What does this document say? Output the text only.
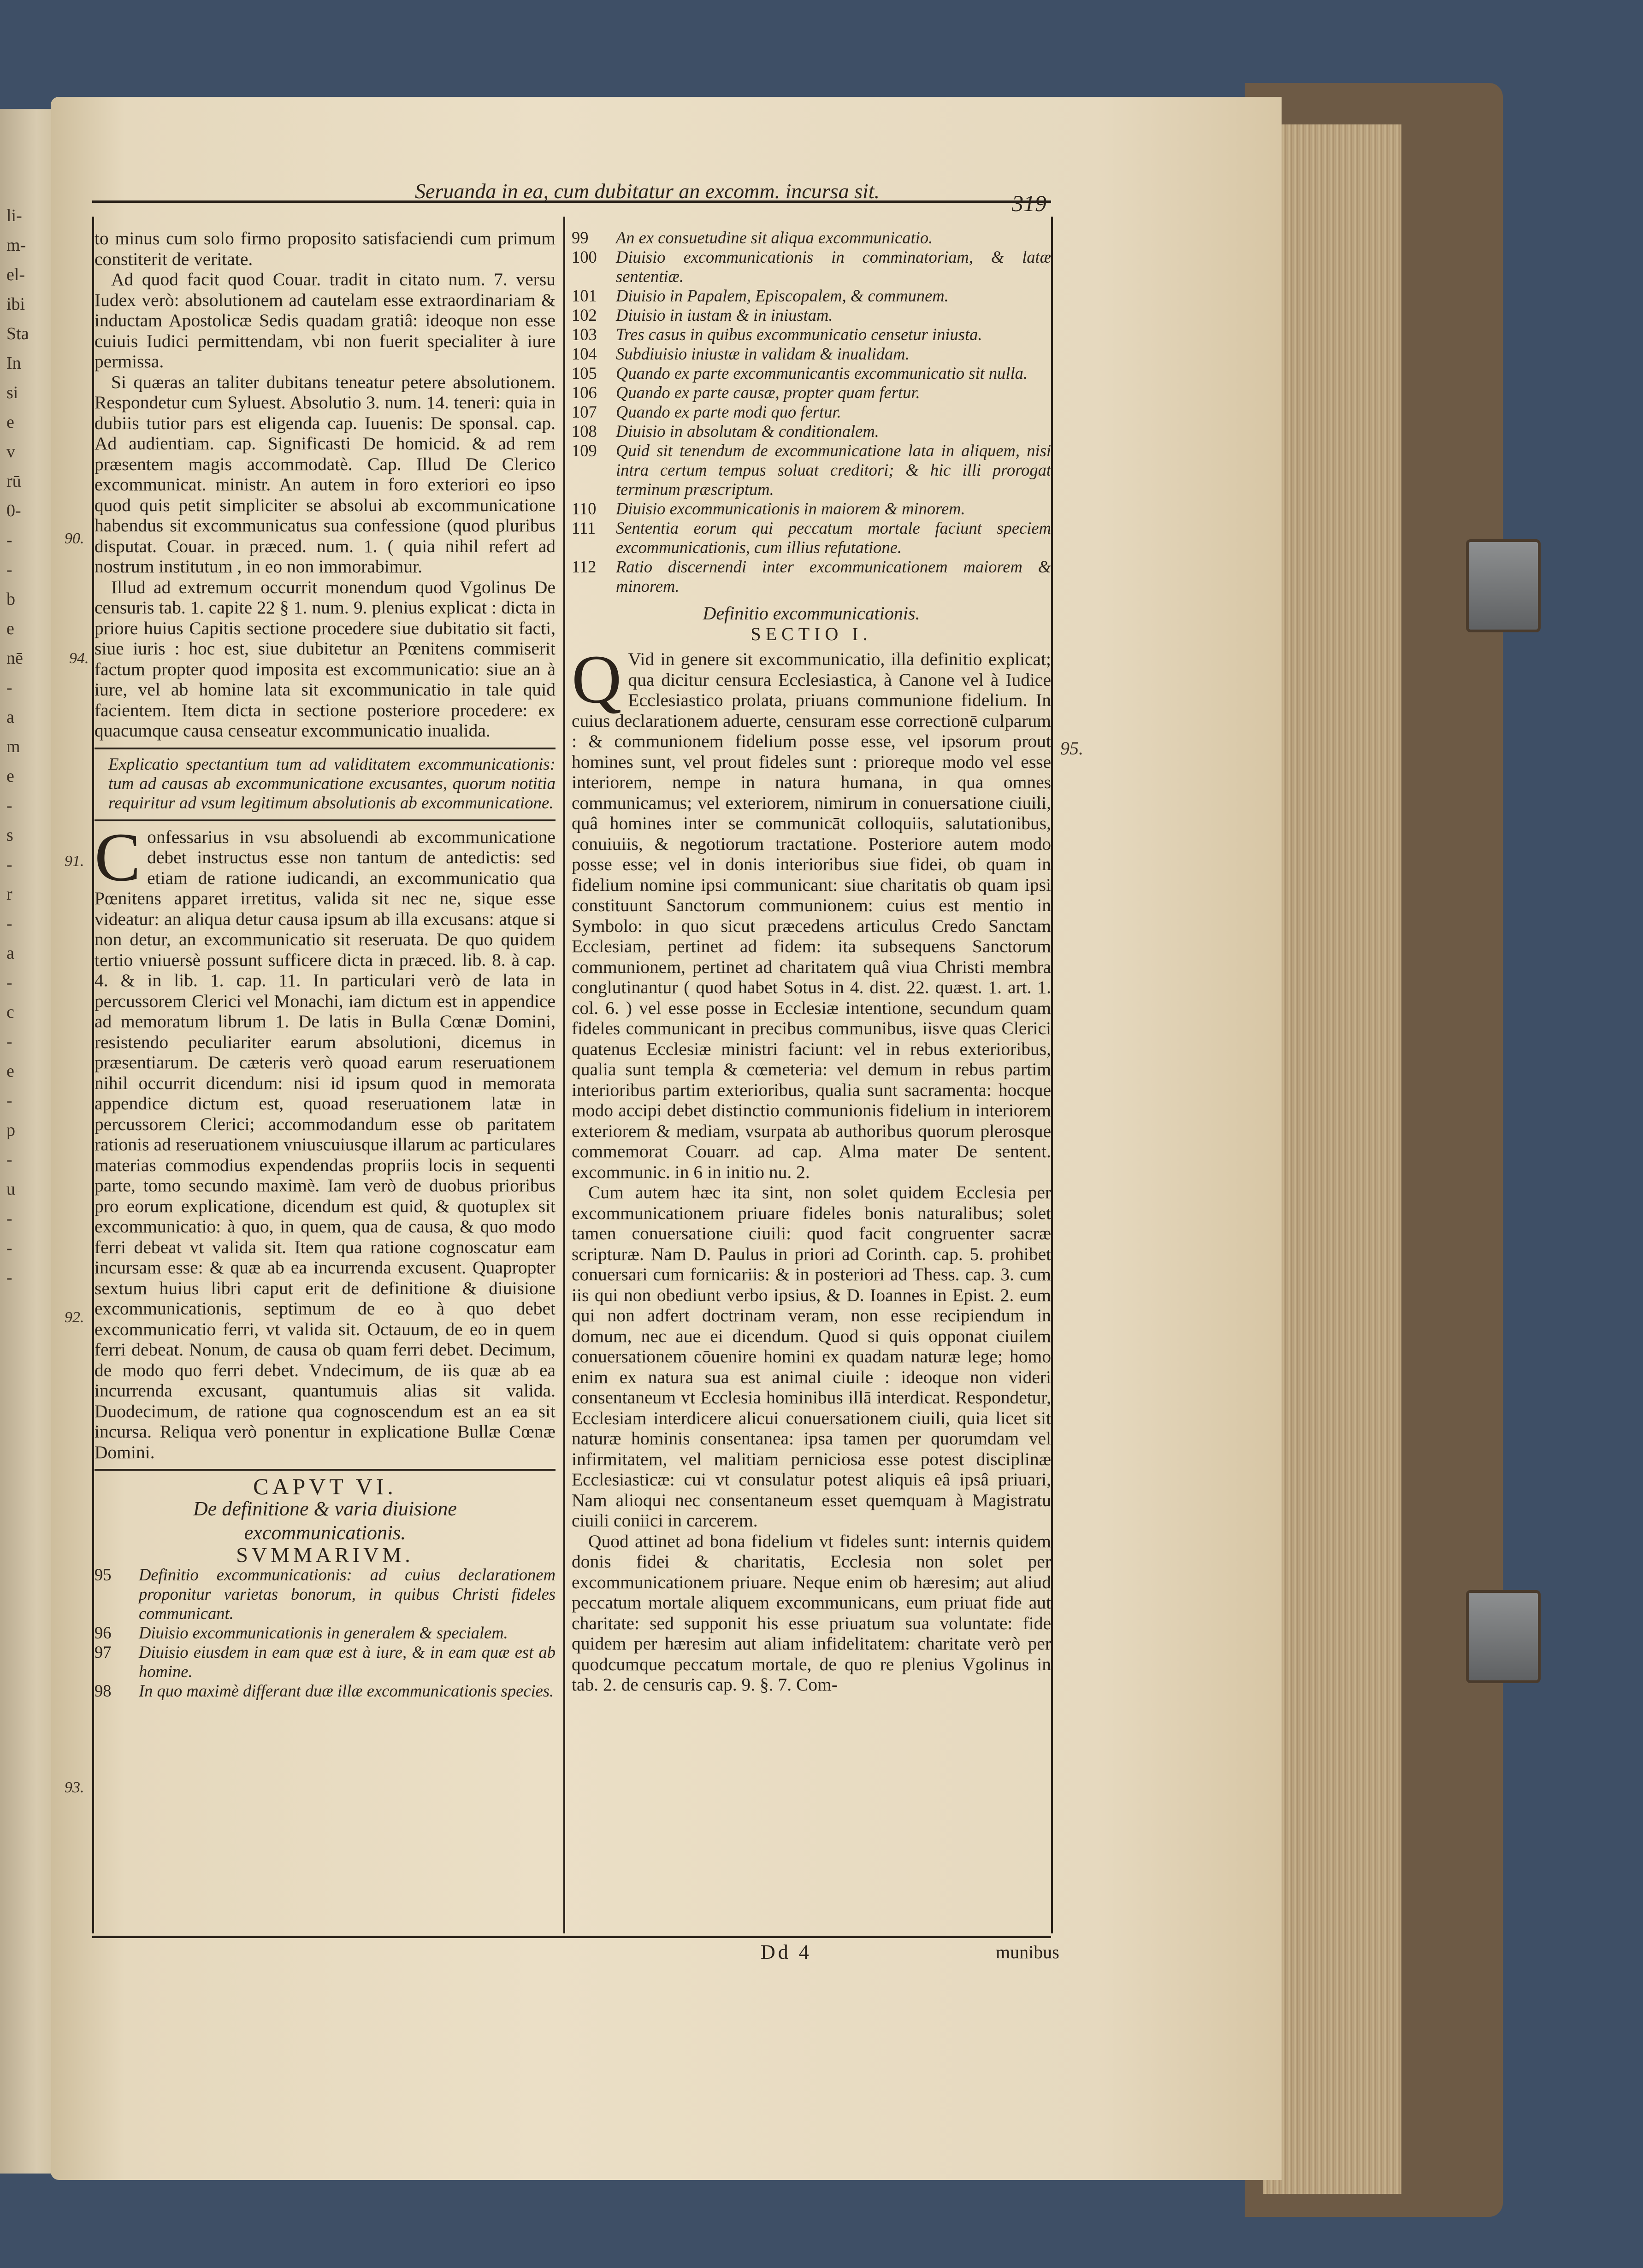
li-
m-
el-
ibi
Sta
In
si
e
v
rū
0-
-
-
b
e
nē
-
a
m
e
-
s
-
r
-
a
-
c
-
e
-
p
-
u
-
-
-
Seruanda in ea, cum dubitatur an excomm. incursa sit.	319
90.
94.
91.
92.
93.
95.

to minus cum solo firmo proposito satisfaciendi cum primum constiterit de veritate.

Ad quod facit quod Couar. tradit in citato num. 7. versu Iudex verò: absolutionem ad cautelam esse extraordinariam & inductam Apostolicæ Sedis quadam gratiâ: ideoque non esse cuiuis Iudici permittendam, vbi non fuerit specialiter à iure permissa.

Si quæras an taliter dubitans teneatur petere absolutionem. Respondetur cum Syluest. Absolutio 3. num. 14. teneri: quia in dubiis tutior pars est eligenda cap. Iuuenis: De sponsal. cap. Ad audientiam. cap. Significasti De homicid. & ad rem præsentem magis accommodatè. Cap. Illud De Clerico excommunicat. ministr. An autem in foro exteriori eo ipso quod quis petit simpliciter se absolui ab excommunicatione habendus sit excommunicatus sua confessione (quod pluribus disputat. Couar. in præced. num. 1. ( quia nihil refert ad nostrum institutum , in eo non immorabimur.

Illud ad extremum occurrit monendum quod Vgolinus De censuris tab. 1. capite 22 § 1. num. 9. plenius explicat : dicta in priore huius Capitis sectione procedere siue dubitatio sit facti, siue iuris : hoc est, siue dubitetur an Pœnitens commiserit factum propter quod imposita est excommunicatio: siue an à iure, vel ab homine lata sit excommunicatio in tale quid facientem. Item dicta in sectione posteriore procedere: ex quacumque causa censeatur excommunicatio inualida.

Explicatio spectantium tum ad validitatem excommunicationis: tum ad causas ab excommunicatione excusantes, quorum notitia requiritur ad vsum legitimum absolutionis ab excommunicatione.

Confessarius in vsu absoluendi ab excommunicatione debet instructus esse non tantum de antedictis: sed etiam de ratione iudicandi, an excommunicatio qua Pœnitens apparet irretitus, valida sit nec ne, sique esse videatur: an aliqua detur causa ipsum ab illa excusans: atque si non detur, an excommunicatio sit reseruata. De quo quidem tertio vniuersè possunt sufficere dicta in præced. lib. 8. à cap. 4. & in lib. 1. cap. 11. In particulari verò de lata in percussorem Clerici vel Monachi, iam dictum est in appendice ad memoratum librum 1. De latis in Bulla Cœnæ Domini, resistendo peculiariter earum absolutioni, dicemus in præsentiarum. De cæteris verò quoad earum reseruationem nihil occurrit dicendum: nisi id ipsum quod in memorata appendice dictum est, quoad reseruationem latæ in percussorem Clerici; accommodandum esse ob paritatem rationis ad reseruationem vniuscuiusque illarum ac particulares materias commodius expendendas propriis locis in sequenti parte, tomo secundo maximè. Iam verò de duobus prioribus pro eorum explicatione, dicendum est quid, & quotuplex sit excommunicatio: à quo, in quem, qua de causa, & quo modo ferri debeat vt valida sit. Item qua ratione cognoscatur eam incursam esse: & quæ ab ea incurrenda excusent. Quapropter sextum huius libri caput erit de definitione & diuisione excommunicationis, septimum de eo à quo debet excommunicatio ferri, vt valida sit. Octauum, de eo in quem ferri debeat. Nonum, de causa ob quam ferri debet. Decimum, de modo quo ferri debet. Vndecimum, de iis quæ ab ea incurrenda excusant, quantumuis alias sit valida. Duodecimum, de ratione qua cognoscendum est an ea sit incursa. Reliqua verò ponentur in explicatione Bullæ Cœnæ Domini.

CAPVT VI.
De definitione & varia diuisione excommunicationis.
SVMMARIVM.
95	Definitio excommunicationis: ad cuius declarationem proponitur varietas bonorum, in quibus Christi fideles communicant.
96	Diuisio excommunicationis in generalem & specialem.
97	Diuisio eiusdem in eam quæ est à iure, & in eam quæ est ab homine.
98	In quo maximè differant duæ illæ excommunicationis species.
99	An ex consuetudine sit aliqua excommunicatio.
100	Diuisio excommunicationis in comminatoriam, & latæ sententiæ.
101	Diuisio in Papalem, Episcopalem, & communem.
102	Diuisio in iustam & in iniustam.
103	Tres casus in quibus excommunicatio censetur iniusta.
104	Subdiuisio iniustæ in validam & inualidam.
105	Quando ex parte excommunicantis excommunicatio sit nulla.
106	Quando ex parte causæ, propter quam fertur.
107	Quando ex parte modi quo fertur.
108	Diuisio in absolutam & conditionalem.
109	Quid sit tenendum de excommunicatione lata in aliquem, nisi intra certum tempus soluat creditori; & hic illi prorogat terminum præscriptum.
110	Diuisio excommunicationis in maiorem & minorem.
111	Sententia eorum qui peccatum mortale faciunt speciem excommunicationis, cum illius refutatione.
112	Ratio discernendi inter excommunicationem maiorem & minorem.
Definitio excommunicationis.
SECTIO I.

Q Vid in genere sit excommunicatio, illa definitio explicat; qua dicitur censura Ecclesiastica, à Canone vel à Iudice Ecclesiastico prolata, priuans communione fidelium. In cuius declarationem aduerte, censuram esse correctionē culparum : & communionem fidelium posse esse, vel ipsorum prout homines sunt, vel prout fideles sunt : prioreque modo vel esse interiorem, nempe in natura humana, in qua omnes communicamus; vel exteriorem, nimirum in conuersatione ciuili, quâ homines inter se communicāt colloquiis, salutationibus, conuiuiis, & negotiorum tractatione. Posteriore autem modo posse esse; vel in donis interioribus siue fidei, ob quam in fidelium nomine ipsi communicant: siue charitatis ob quam ipsi constituunt Sanctorum communionem: cuius est mentio in Symbolo: in quo sicut præcedens articulus Credo Sanctam Ecclesiam, pertinet ad fidem: ita subsequens Sanctorum communionem, pertinet ad charitatem quâ viua Christi membra conglutinantur ( quod habet Sotus in 4. dist. 22. quæst. 1. art. 1. col. 6. ) vel esse posse in Ecclesiæ intentione, secundum quam fideles communicant in precibus communibus, iisve quas Clerici quatenus Ecclesiæ ministri faciunt: vel in rebus exterioribus, qualia sunt templa & cœmeteria: vel demum in rebus partim interioribus partim exterioribus, qualia sunt sacramenta: hocque modo accipi debet distinctio communionis fidelium in interiorem exteriorem & mediam, vsurpata ab authoribus quorum plerosque commemorat Couarr. ad cap. Alma mater De sentent. excommunic. in 6 in initio nu. 2.

Cum autem hæc ita sint, non solet quidem Ecclesia per excommunicationem priuare fideles bonis naturalibus; solet tamen conuersatione ciuili: quod facit congruenter sacræ scripturæ. Nam D. Paulus in priori ad Corinth. cap. 5. prohibet conuersari cum fornicariis: & in posteriori ad Thess. cap. 3. cum iis qui non obediunt verbo ipsius, & D. Ioannes in Epist. 2. eum qui non adfert doctrinam veram, non esse recipiendum in domum, nec aue ei dicendum. Quod si quis opponat ciuilem conuersationem cōuenire homini ex quadam naturæ lege; homo enim ex natura sua est animal ciuile : ideoque non videri consentaneum vt Ecclesia hominibus illā interdicat. Respondetur, Ecclesiam interdicere alicui conuersationem ciuili, quia licet sit naturæ hominis consentanea: ipsa tamen per quorumdam vel infirmitatem, vel malitiam perniciosa esse potest disciplinæ Ecclesiasticæ: cui vt consulatur potest aliquis eâ ipsâ priuari, Nam alioqui nec consentaneum esset quemquam à Magistratu ciuili coniici in carcerem.

Quod attinet ad bona fidelium vt fideles sunt: internis quidem donis fidei & charitatis, Ecclesia non solet per excommunicationem priuare. Neque enim ob hæresim; aut aliud peccatum mortale aliquem excommunicans, eum priuat fide aut charitate: sed supponit his esse priuatum sua voluntate: fide quidem per hæresim aut aliam infidelitatem: charitate verò per quodcumque peccatum mortale, de quo re plenius Vgolinus in tab. 2. de censuris cap. 9. §. 7. Com-

Dd 4	munibus
